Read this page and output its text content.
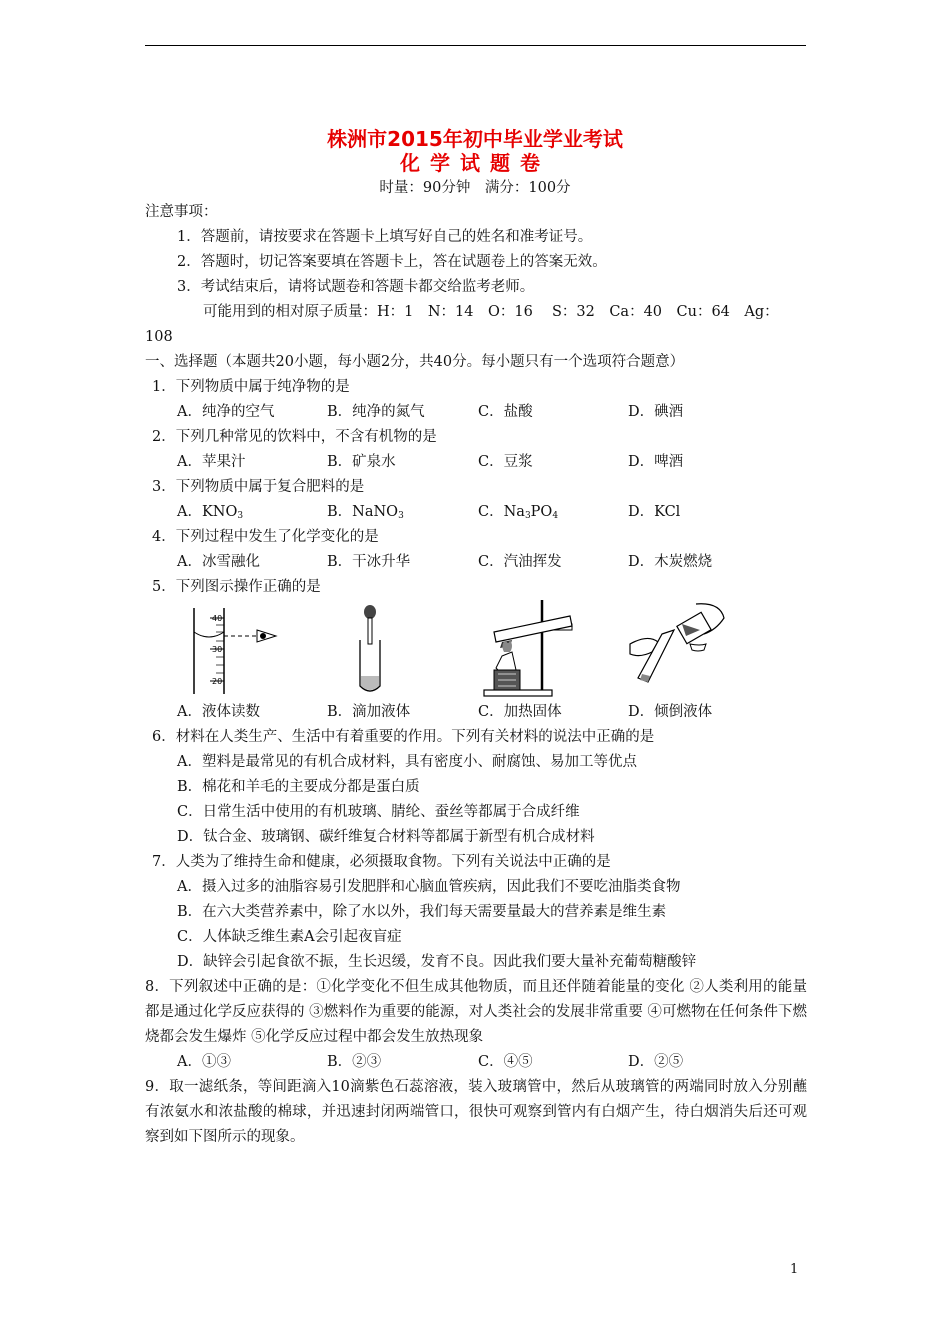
株洲市2015年初中毕业学业考试
化学试题卷
时量：90分钟　满分：100分
注意事项：
1．答题前，请按要求在答题卡上填写好自己的姓名和准考证号。
2．答题时，切记答案要填在答题卡上，答在试题卷上的答案无效。
3．考试结束后，请将试题卷和答题卡都交给监考老师。
可能用到的相对原子质量：H：1　N：14　O：16　 S：32　Ca：40　Cu：64　Ag：
108
一、选择题（本题共20小题，每小题2分，共40分。每小题只有一个选项符合题意）
1．下列物质中属于纯净物的是
A．纯净的空气	B．纯净的氮气	C．盐酸	D．碘酒
2．下列几种常见的饮料中，不含有机物的是
A．苹果汁	B．矿泉水	C．豆浆	D．啤酒
3．下列物质中属于复合肥料的是
A．$KNO_3$	B．NaNO$_3$	C．$Na_3PO_4$	D．KCl
4．下列过程中发生了化学变化的是
A．冰雪融化	B．干冰升华	C．汽油挥发	D．木炭燃烧
5．下列图示操作正确的是
40
30
20
A．液体读数	B．滴加液体	C．加热固体	D．倾倒液体
6．材料在人类生产、生活中有着重要的作用。下列有关材料的说法中正确的是
A．塑料是最常见的有机合成材料，具有密度小、耐腐蚀、易加工等优点
B．棉花和羊毛的主要成分都是蛋白质
C．日常生活中使用的有机玻璃、腈纶、蚕丝等都属于合成纤维
D．钛合金、玻璃钢、碳纤维复合材料等都属于新型有机合成材料
7．人类为了维持生命和健康，必须摄取食物。下列有关说法中正确的是
A．摄入过多的油脂容易引发肥胖和心脑血管疾病，因此我们不要吃油脂类食物
B．在六大类营养素中，除了水以外，我们每天需要量最大的营养素是维生素
C．人体缺乏维生素A会引起夜盲症
D．缺锌会引起食欲不振，生长迟缓，发育不良。因此我们要大量补充葡萄糖酸锌
8．下列叙述中正确的是：①化学变化不但生成其他物质，而且还伴随着能量的变化 ②人类利用的能量都是通过化学反应获得的 ③燃料作为重要的能源，对人类社会的发展非常重要 ④可燃物在任何条件下燃烧都会发生爆炸 ⑤化学反应过程中都会发生放热现象
A．①③	B．②③	C．④⑤	D．②⑤
9．取一滤纸条，等间距滴入10滴紫色石蕊溶液，装入玻璃管中，然后从玻璃管的两端同时放入分别蘸有浓氨水和浓盐酸的棉球，并迅速封闭两端管口，很快可观察到管内有白烟产生，待白烟消失后还可观察到如下图所示的现象。
1
